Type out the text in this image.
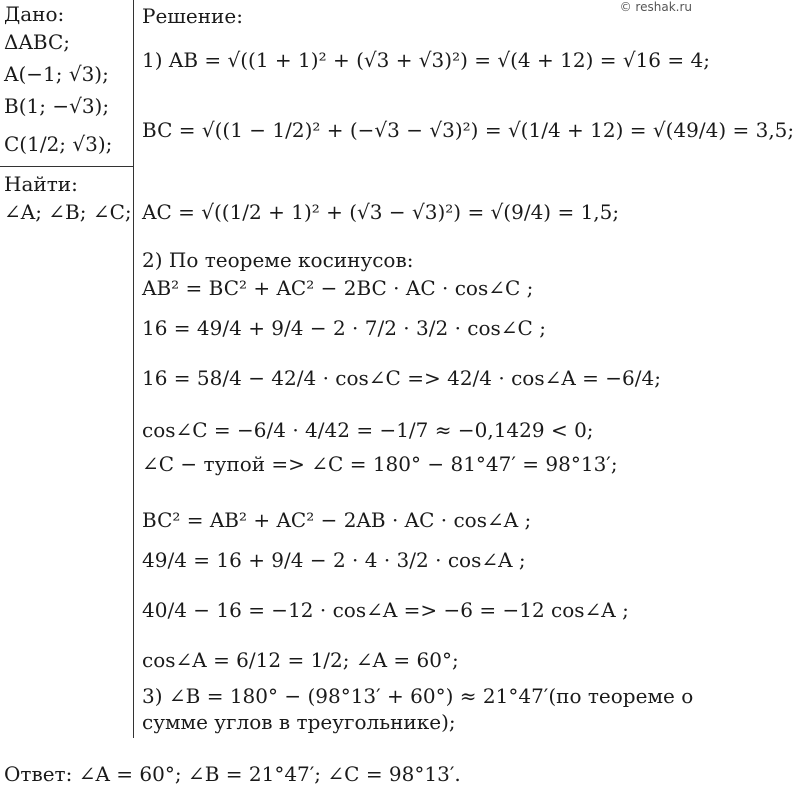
© reshak.ru
Дано:
ΔABC;
A(−1; √3);
B(1; −√3);
C(1/2; √3);
Найти:
∠A; ∠B; ∠C;
Решение:
1) AB = √((1 + 1)² + (√3 + √3)²) = √(4 + 12) = √16 = 4;
BC = √((1 − 1/2)² + (−√3 − √3)²) = √(1/4 + 12) = √(49/4) = 3,5;
AC = √((1/2 + 1)² + (√3 − √3)²) = √(9/4) = 1,5;
2) По теореме косинусов:
AB² = BC² + AC² − 2BC · AC · cos∠C ;
16 = 49/4 + 9/4 − 2 · 7/2 · 3/2 · cos∠C ;
16 = 58/4 − 42/4 · cos∠C => 42/4 · cos∠A = −6/4;
cos∠C = −6/4 · 4/42 = −1/7 ≈ −0,1429 < 0;
∠C − тупой => ∠C = 180° − 81°47′ = 98°13′;
BC² = AB² + AC² − 2AB · AC · cos∠A ;
49/4 = 16 + 9/4 − 2 · 4 · 3/2 · cos∠A ;
40/4 − 16 = −12 · cos∠A => −6 = −12 cos∠A ;
cos∠A = 6/12 = 1/2; ∠A = 60°;
3) ∠B = 180° − (98°13′ + 60°) ≈ 21°47′(по теореме о
сумме углов в треугольнике);
Ответ: ∠A = 60°; ∠B = 21°47′; ∠C = 98°13′.
